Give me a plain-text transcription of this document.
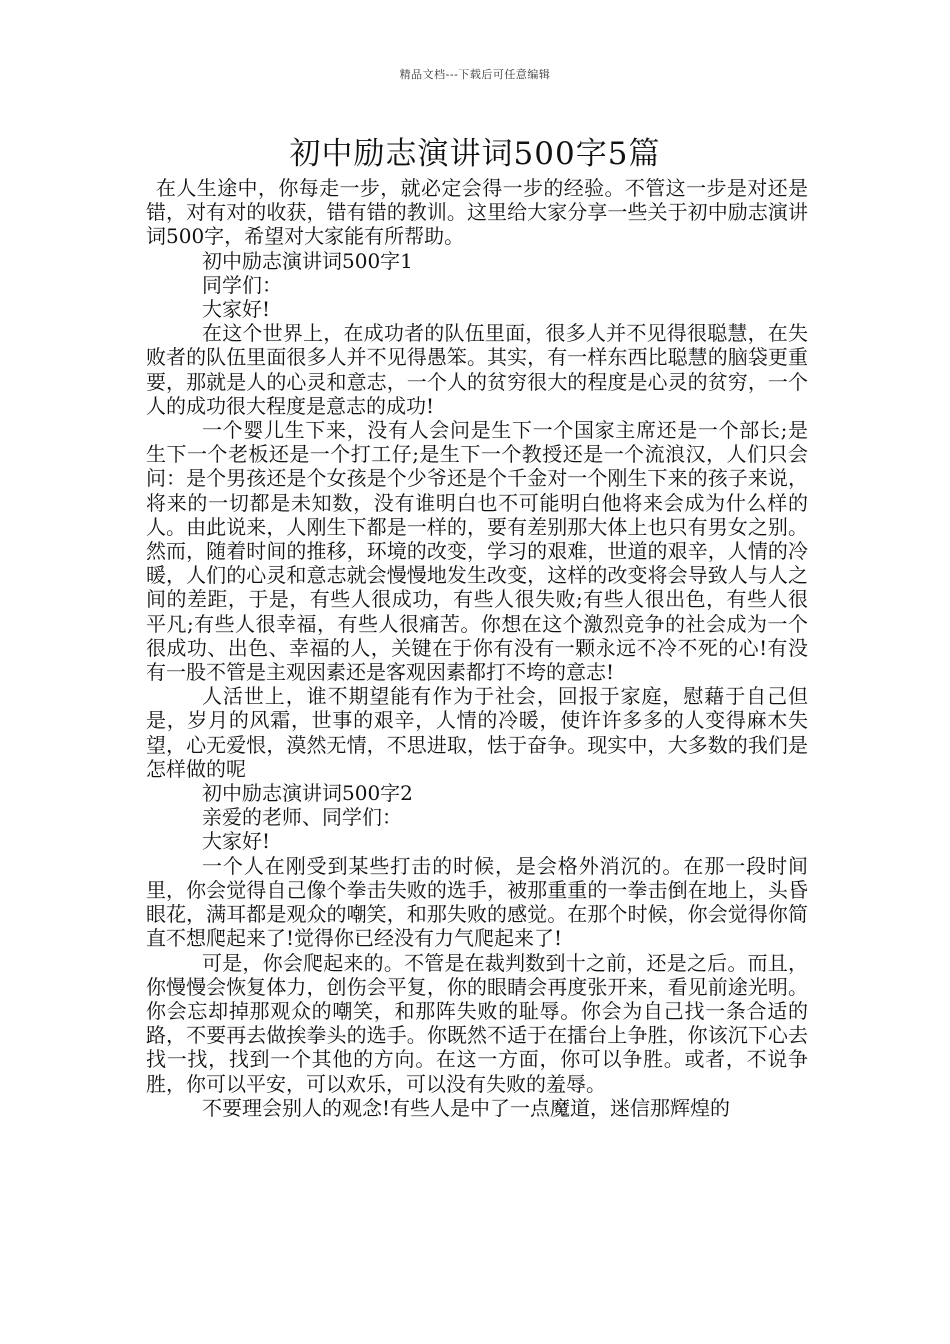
精品文档---下载后可任意编辑
初中励志演讲词500字5篇

在人生途中，你每走一步，就必定会得一步的经验。不管这一步是对还是错，对有对的收获，错有错的教训。这里给大家分享一些关于初中励志演讲词500字，希望对大家能有所帮助。

初中励志演讲词500字1

同学们：

大家好!

在这个世界上，在成功者的队伍里面，很多人并不见得很聪慧，在失败者的队伍里面很多人并不见得愚笨。其实，有一样东西比聪慧的脑袋更重要，那就是人的心灵和意志，一个人的贫穷很大的程度是心灵的贫穷，一个人的成功很大程度是意志的成功!

一个婴儿生下来，没有人会问是生下一个国家主席还是一个部长;是生下一个老板还是一个打工仔;是生下一个教授还是一个流浪汉，人们只会问：是个男孩还是个女孩是个少爷还是个千金对一个刚生下来的孩子来说，将来的一切都是未知数，没有谁明白也不可能明白他将来会成为什么样的人。由此说来，人刚生下都是一样的，要有差别那大体上也只有男女之别。然而，随着时间的推移，环境的改变，学习的艰难，世道的艰辛，人情的冷暖，人们的心灵和意志就会慢慢地发生改变，这样的改变将会导致人与人之间的差距，于是，有些人很成功，有些人很失败;有些人很出色，有些人很平凡;有些人很幸福，有些人很痛苦。你想在这个激烈竞争的社会成为一个很成功、出色、幸福的人，关键在于你有没有一颗永远不冷不死的心!有没有一股不管是主观因素还是客观因素都打不垮的意志!

人活世上，谁不期望能有作为于社会，回报于家庭，慰藉于自己但是，岁月的风霜，世事的艰辛，人情的冷暖，使许许多多的人变得麻木失望，心无爱恨，漠然无情，不思进取，怯于奋争。现实中，大多数的我们是怎样做的呢

初中励志演讲词500字2

亲爱的老师、同学们：

大家好!

一个人在刚受到某些打击的时候，是会格外消沉的。在那一段时间里，你会觉得自己像个拳击失败的选手，被那重重的一拳击倒在地上，头昏眼花，满耳都是观众的嘲笑，和那失败的感觉。在那个时候，你会觉得你简直不想爬起来了!觉得你已经没有力气爬起来了!

可是，你会爬起来的。不管是在裁判数到十之前，还是之后。而且，你慢慢会恢复体力，创伤会平复，你的眼睛会再度张开来，看见前途光明。你会忘却掉那观众的嘲笑，和那阵失败的耻辱。你会为自己找一条合适的路，不要再去做挨拳头的选手。你既然不适于在擂台上争胜，你该沉下心去找一找，找到一个其他的方向。在这一方面，你可以争胜。或者，不说争胜，你可以平安，可以欢乐，可以没有失败的羞辱。

不要理会别人的观念!有些人是中了一点魔道，迷信那辉煌的
